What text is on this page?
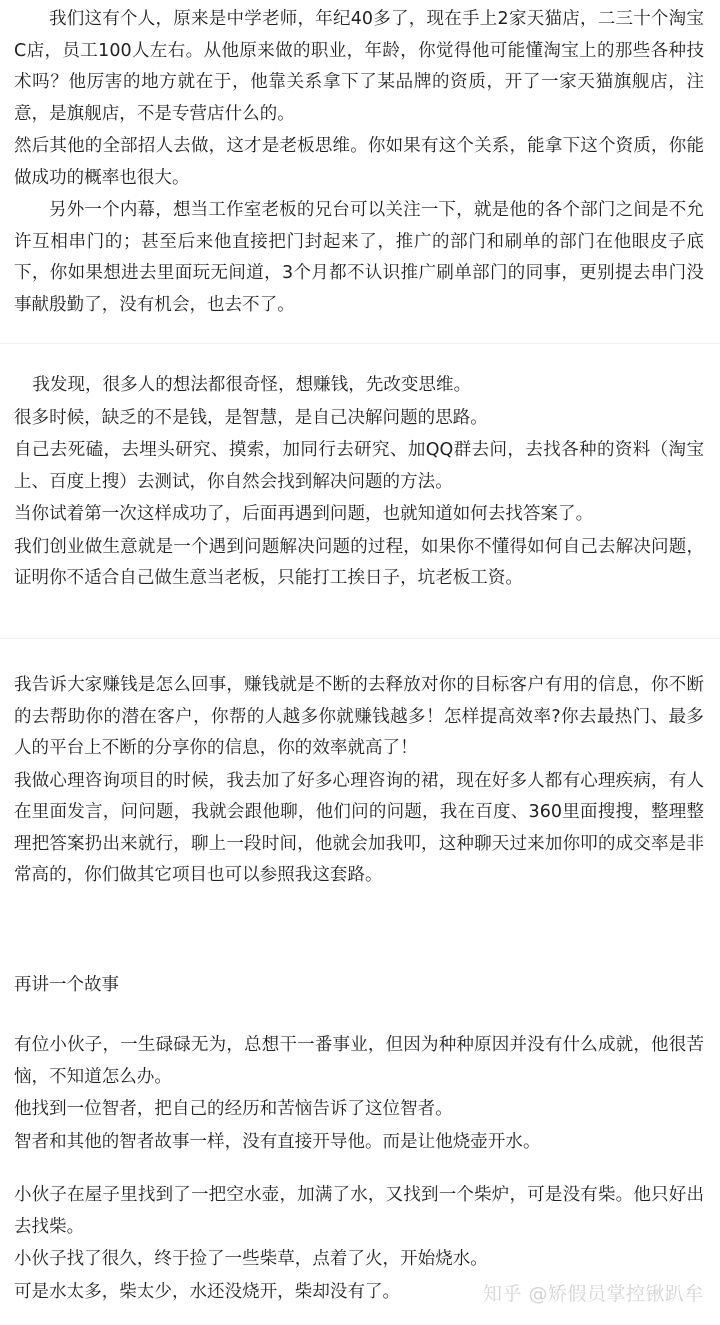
我们这有个人，原来是中学老师，年纪40多了，现在手上2家天猫店，二三十个淘宝C店，员工100人左右。从他原来做的职业，年龄，你觉得他可能懂淘宝上的那些各种技术吗？他厉害的地方就在于，他靠关系拿下了某品牌的资质，开了一家天猫旗舰店，注意，是旗舰店，不是专营店什么的。

然后其他的全部招人去做，这才是老板思维。你如果有这个关系，能拿下这个资质，你能做成功的概率也很大。

另外一个内幕，想当工作室老板的兄台可以关注一下，就是他的各个部门之间是不允许互相串门的；甚至后来他直接把门封起来了，推广的部门和刷单的部门在他眼皮子底下，你如果想进去里面玩无间道，3个月都不认识推广刷单部门的同事，更别提去串门没事献殷勤了，没有机会，也去不了。

我发现，很多人的想法都很奇怪，想赚钱，先改变思维。

很多时候，缺乏的不是钱，是智慧，是自己决解问题的思路。

自己去死磕，去埋头研究、摸索，加同行去研究、加QQ群去问，去找各种的资料（淘宝上、百度上搜）去测试，你自然会找到解决问题的方法。

当你试着第一次这样成功了，后面再遇到问题，也就知道如何去找答案了。

我们创业做生意就是一个遇到问题解决问题的过程，如果你不懂得如何自己去解决问题，证明你不适合自己做生意当老板，只能打工挨日子，坑老板工资。

我告诉大家赚钱是怎么回事，赚钱就是不断的去释放对你的目标客户有用的信息，你不断的去帮助你的潜在客户，你帮的人越多你就赚钱越多！怎样提高效率?你去最热门、最多人的平台上不断的分享你的信息，你的效率就高了！

我做心理咨询项目的时候，我去加了好多心理咨询的裙，现在好多人都有心理疾病，有人在里面发言，问问题，我就会跟他聊，他们问的问题，我在百度、360里面搜搜，整理整理把答案扔出来就行，聊上一段时间，他就会加我叩，这种聊天过来加你叩的成交率是非常高的，你们做其它项目也可以参照我这套路。

再讲一个故事

有位小伙子，一生碌碌无为，总想干一番事业，但因为种种原因并没有什么成就，他很苦恼，不知道怎么办。

他找到一位智者，把自己的经历和苦恼告诉了这位智者。

智者和其他的智者故事一样，没有直接开导他。而是让他烧壶开水。

小伙子在屋子里找到了一把空水壶，加满了水，又找到一个柴炉，可是没有柴。他只好出去找柴。

小伙子找了很久，终于捡了一些柴草，点着了火，开始烧水。

可是水太多，柴太少，水还没烧开，柴却没有了。	知乎 @矫假员掌控锹趴牟
